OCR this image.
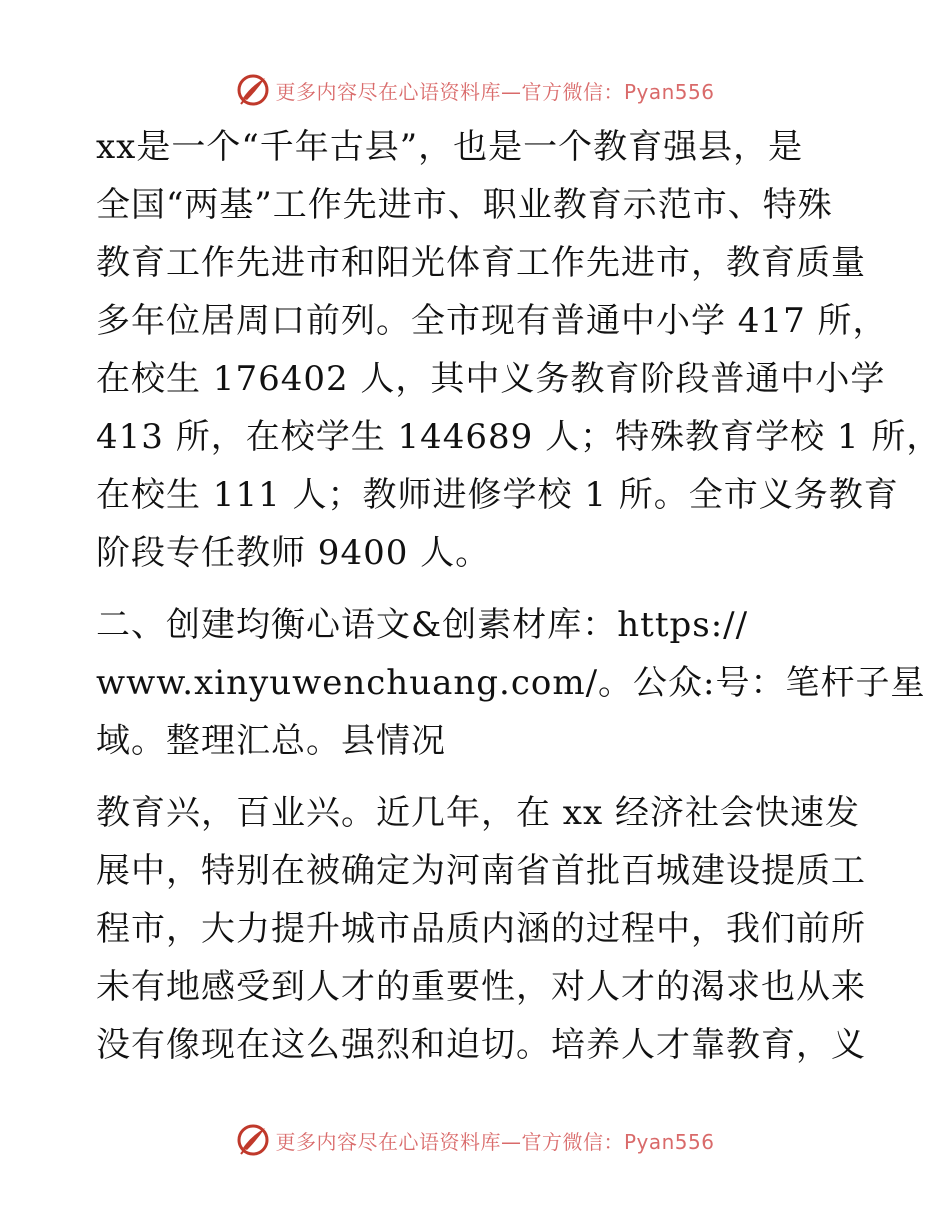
更多内容尽在心语资料库—官方微信：Pyan556
xx是一个“千年古县”，也是一个教育强县，是
全国“两基”工作先进市、职业教育示范市、特殊
教育工作先进市和阳光体育工作先进市，教育质量
多年位居周口前列。全市现有普通中小学 417 所，
在校生 176402 人，其中义务教育阶段普通中小学
413 所，在校学生 144689 人；特殊教育学校 1 所，
在校生 111 人；教师进修学校 1 所。全市义务教育
阶段专任教师 9400 人。
二、创建均衡心语文&创素材库：https://
www.xinyuwenchuang.com/。公众:号：笔杆子星
域。整理汇总。县情况
教育兴，百业兴。近几年，在 xx 经济社会快速发
展中，特别在被确定为河南省首批百城建设提质工
程市，大力提升城市品质内涵的过程中，我们前所
未有地感受到人才的重要性，对人才的渴求也从来
没有像现在这么强烈和迫切。培养人才靠教育，义
更多内容尽在心语资料库—官方微信：Pyan556
